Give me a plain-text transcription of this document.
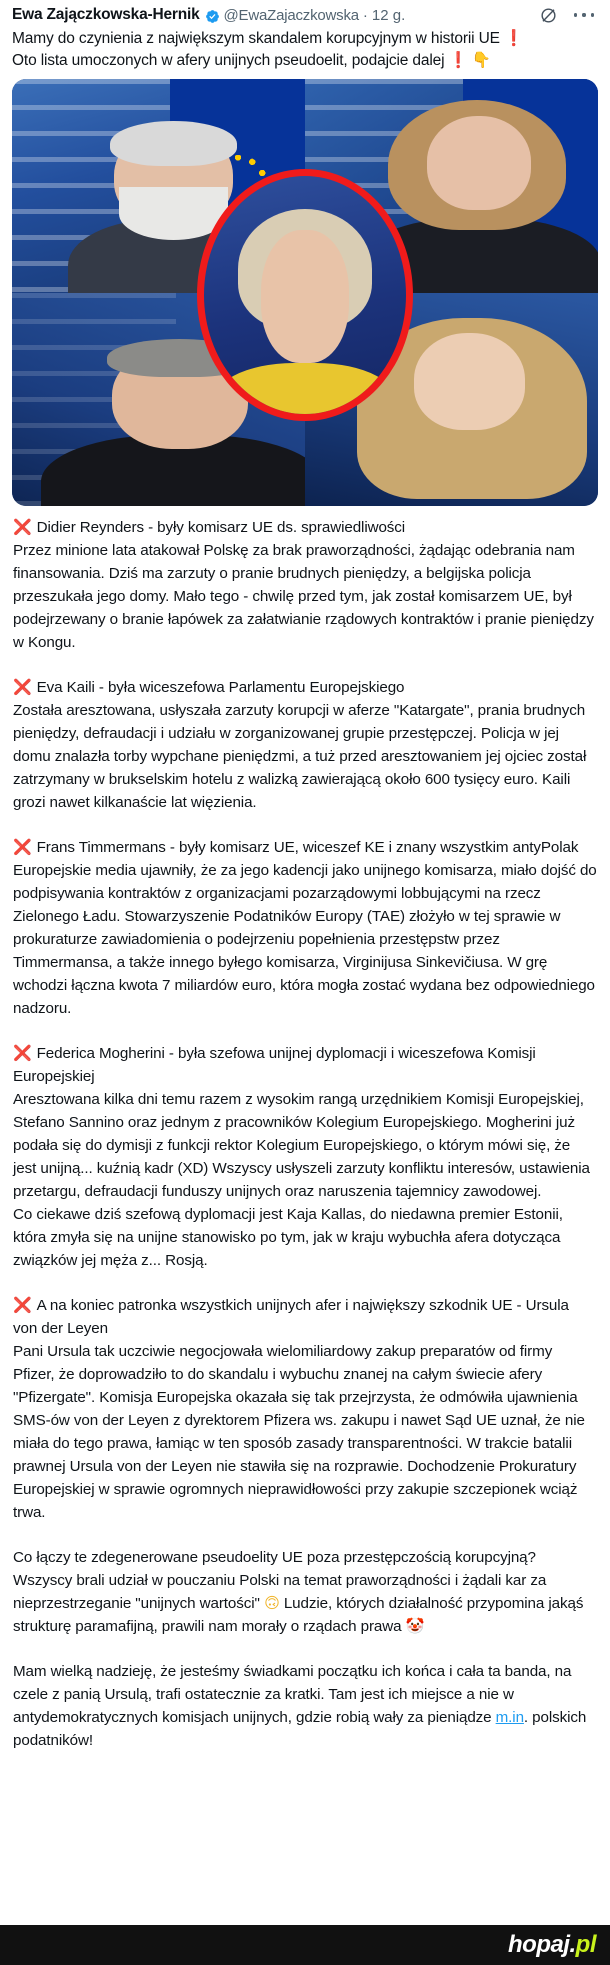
Ewa Zajączkowska-Hernik @EwaZajaczkowska · 12 g.
Mamy do czynienia z największym skandalem korupcyjnym w historii UE ❗
Oto lista umoczonych w afery unijnych pseudoelit, podajcie dalej ❗ 👇

❌ Didier Reynders - były komisarz UE ds. sprawiedliwości
Przez minione lata atakował Polskę za brak praworządności, żądając odebrania nam finansowania. Dziś ma zarzuty o pranie brudnych pieniędzy, a belgijska policja przeszukała jego domy. Mało tego - chwilę przed tym, jak został komisarzem UE, był podejrzewany o branie łapówek za załatwianie rządowych kontraktów i pranie pieniędzy w Kongu.

❌ Eva Kaili - była wiceszefowa Parlamentu Europejskiego
Została aresztowana, usłyszała zarzuty korupcji w aferze "Katargate", prania brudnych pieniędzy, defraudacji i udziału w zorganizowanej grupie przestępczej. Policja w jej domu znalazła torby wypchane pieniędzmi, a tuż przed aresztowaniem jej ojciec został zatrzymany w brukselskim hotelu z walizką zawierającą około 600 tysięcy euro. Kaili grozi nawet kilkanaście lat więzienia.

❌ Frans Timmermans - były komisarz UE, wiceszef KE i znany wszystkim antyPolak
Europejskie media ujawniły, że za jego kadencji jako unijnego komisarza, miało dojść do podpisywania kontraktów z organizacjami pozarządowymi lobbującymi na rzecz Zielonego Ładu. Stowarzyszenie Podatników Europy (TAE) złożyło w tej sprawie w prokuraturze zawiadomienia o podejrzeniu popełnienia przestępstw przez Timmermansa, a także innego byłego komisarza, Virginijusa Sinkevičiusa. W grę wchodzi łączna kwota 7 miliardów euro, która mogła zostać wydana bez odpowiedniego nadzoru.

❌ Federica Mogherini - była szefowa unijnej dyplomacji i wiceszefowa Komisji Europejskiej
Aresztowana kilka dni temu razem z wysokim rangą urzędnikiem Komisji Europejskiej, Stefano Sannino oraz jednym z pracowników Kolegium Europejskiego. Mogherini już podała się do dymisji z funkcji rektor Kolegium Europejskiego, o którym mówi się, że jest unijną... kuźnią kadr (XD) Wszyscy usłyszeli zarzuty konfliktu interesów, ustawienia przetargu, defraudacji funduszy unijnych oraz naruszenia tajemnicy zawodowej.
Co ciekawe dziś szefową dyplomacji jest Kaja Kallas, do niedawna premier Estonii, która zmyła się na unijne stanowisko po tym, jak w kraju wybuchła afera dotycząca związków jej męża z... Rosją.

❌ A na koniec patronka wszystkich unijnych afer i największy szkodnik UE - Ursula von der Leyen
Pani Ursula tak uczciwie negocjowała wielomiliardowy zakup preparatów od firmy Pfizer, że doprowadziło to do skandalu i wybuchu znanej na całym świecie afery "Pfizergate". Komisja Europejska okazała się tak przejrzysta, że odmówiła ujawnienia SMS-ów von der Leyen z dyrektorem Pfizera ws. zakupu i nawet Sąd UE uznał, że nie miała do tego prawa, łamiąc w ten sposób zasady transparentności. W trakcie batalii prawnej Ursula von der Leyen nie stawiła się na rozprawie. Dochodzenie Prokuratury Europejskiej w sprawie ogromnych nieprawidłowości przy zakupie szczepionek wciąż trwa.

Co łączy te zdegenerowane pseudoelity UE poza przestępczością korupcyjną? Wszyscy brali udział w pouczaniu Polski na temat praworządności i żądali kar za nieprzestrzeganie "unijnych wartości" 🙃 Ludzie, których działalność przypomina jakąś strukturę paramafijną, prawili nam morały o rządach prawa 🤡

Mam wielką nadzieję, że jesteśmy świadkami początku ich końca i cała ta banda, na czele z panią Ursulą, trafi ostatecznie za kratki. Tam jest ich miejsce a nie w antydemokratycznych komisjach unijnych, gdzie robią wały za pieniądze m.in. polskich podatników!

hopaj.pl
